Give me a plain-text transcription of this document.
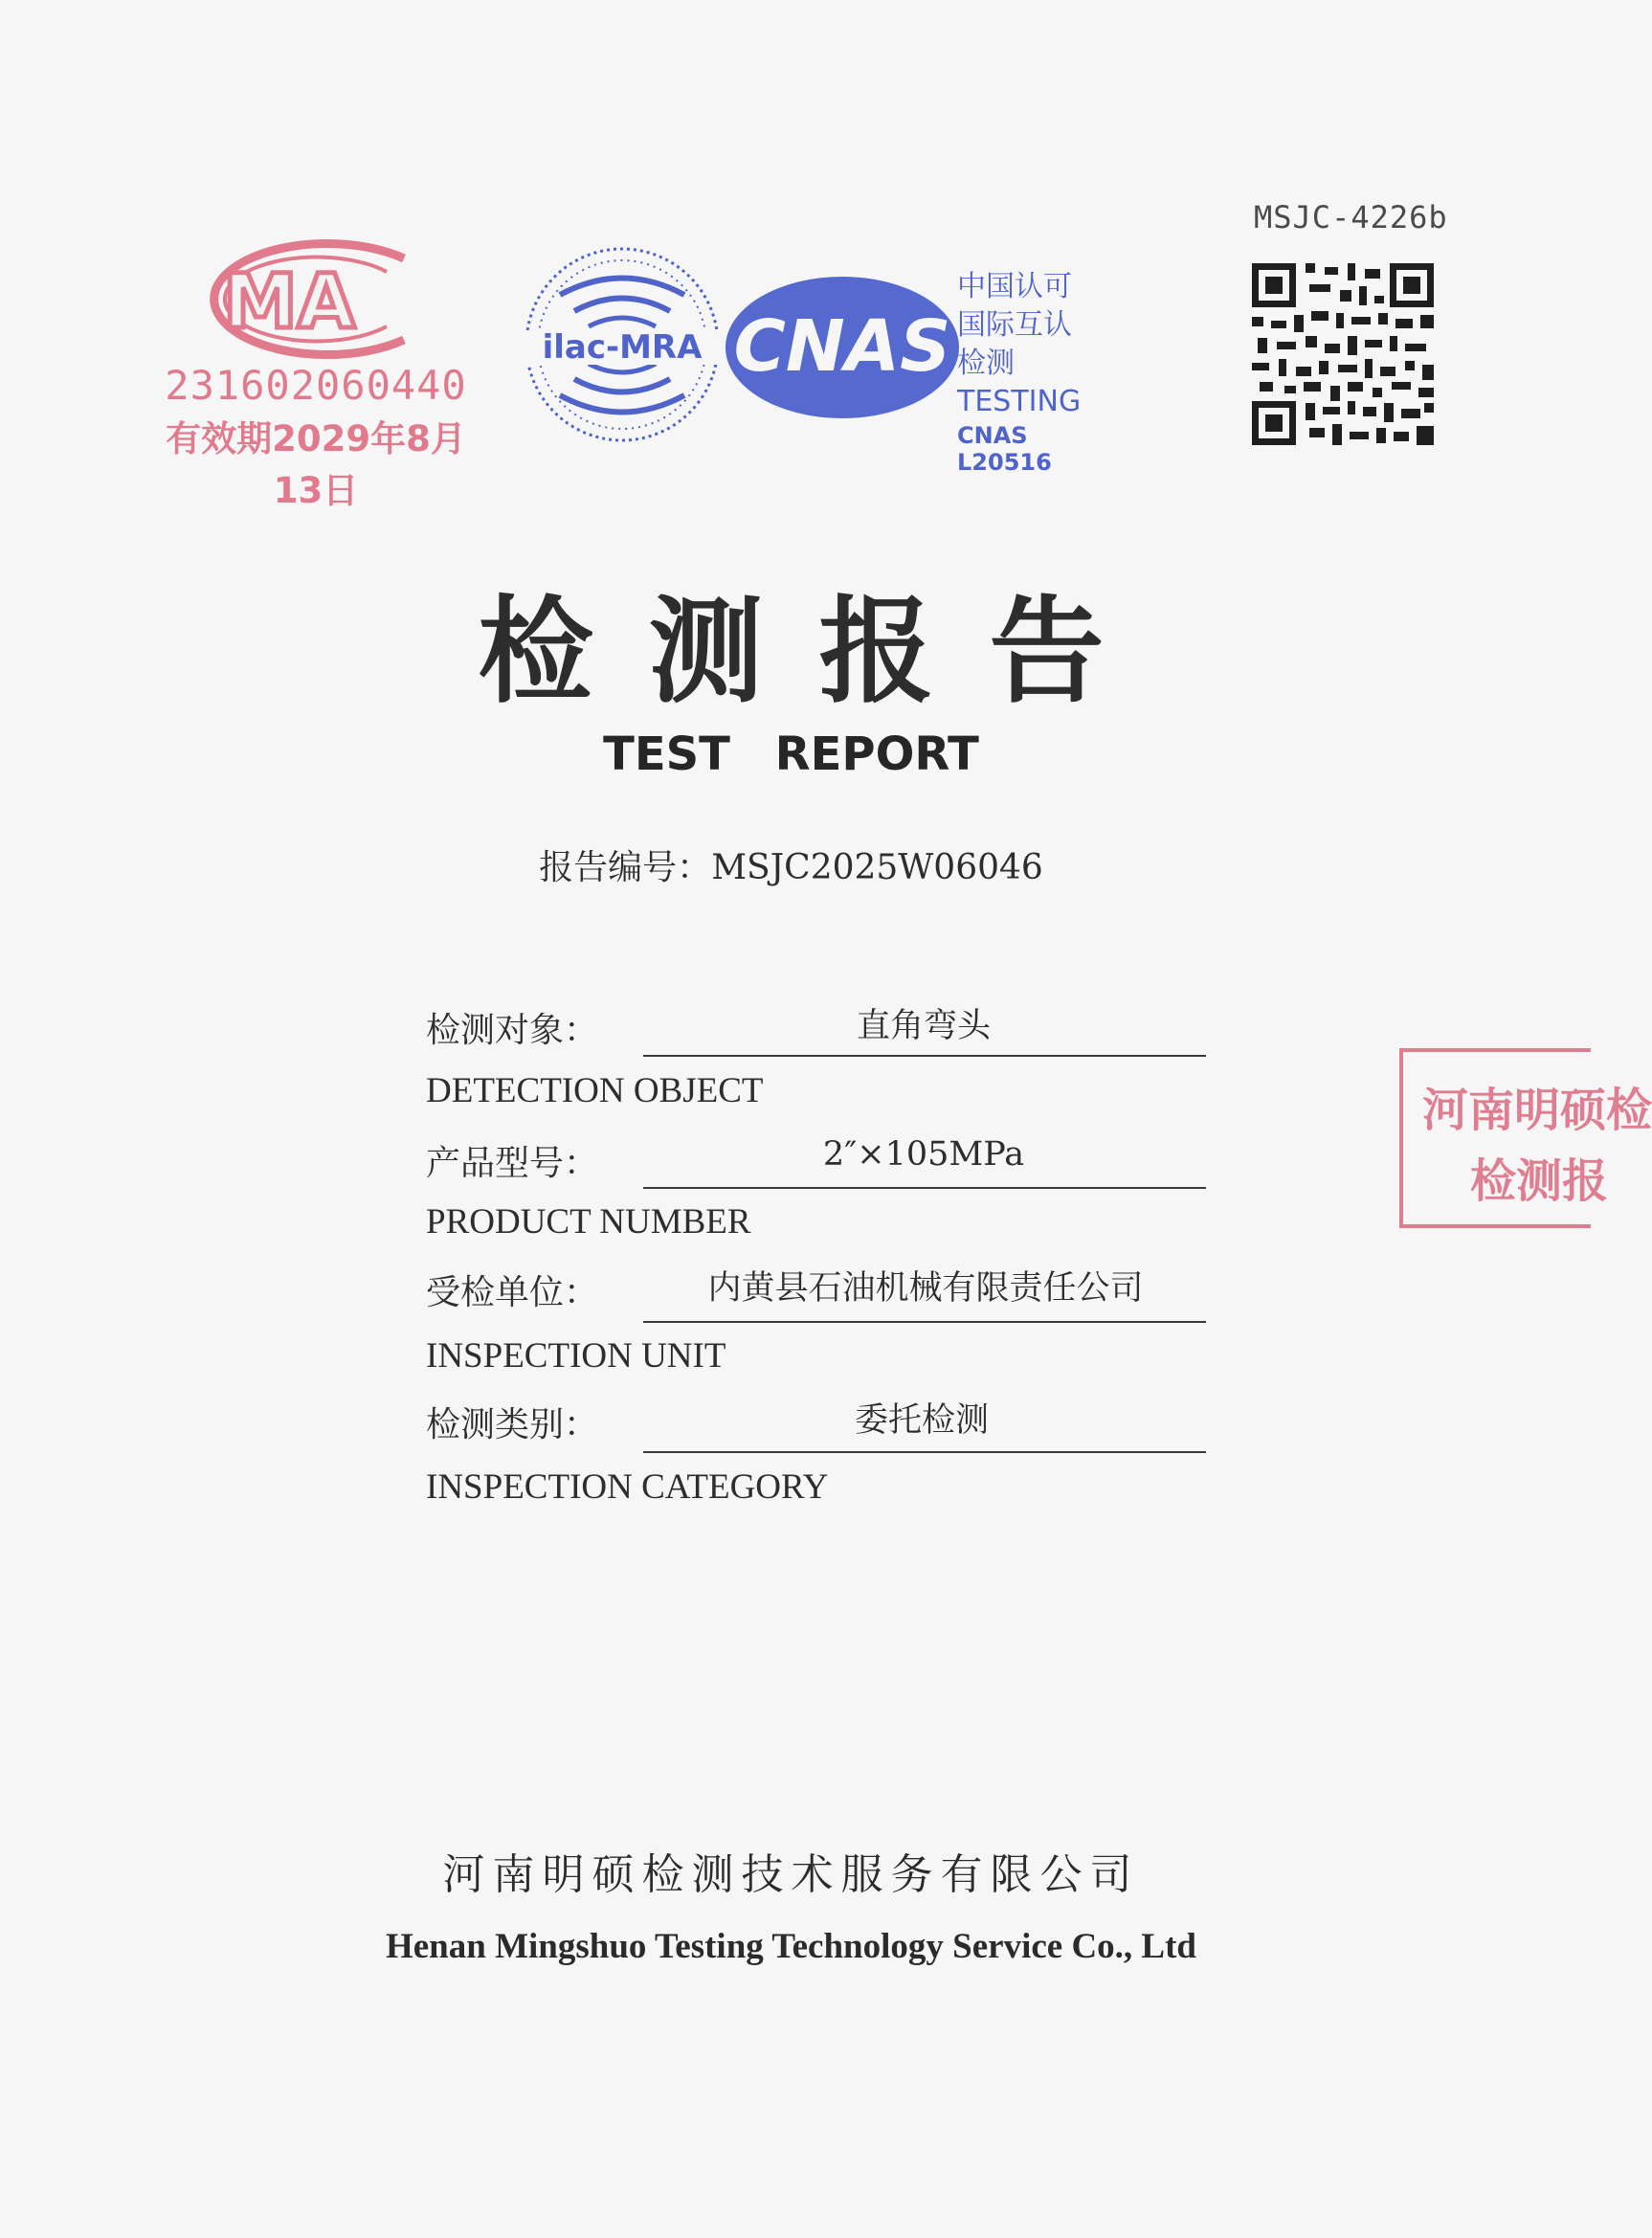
MSJC-4226b
MA
231602060440
有效期2029年8月13日
ilac-MRA CNAS
中国认可
国际互认
检测
TESTING
CNAS L20516
检测报告
TEST REPORT
报告编号：MSJC2025W06046
检测对象：	直角弯头
DETECTION OBJECT
产品型号：	2″×105MPa
PRODUCT NUMBER
受检单位：	内黄县石油机械有限责任公司
INSPECTION UNIT
检测类别：	委托检测
INSPECTION CATEGORY
河南明硕检
检测报
河南明硕检测技术服务有限公司
Henan Mingshuo Testing Technology Service Co., Ltd
